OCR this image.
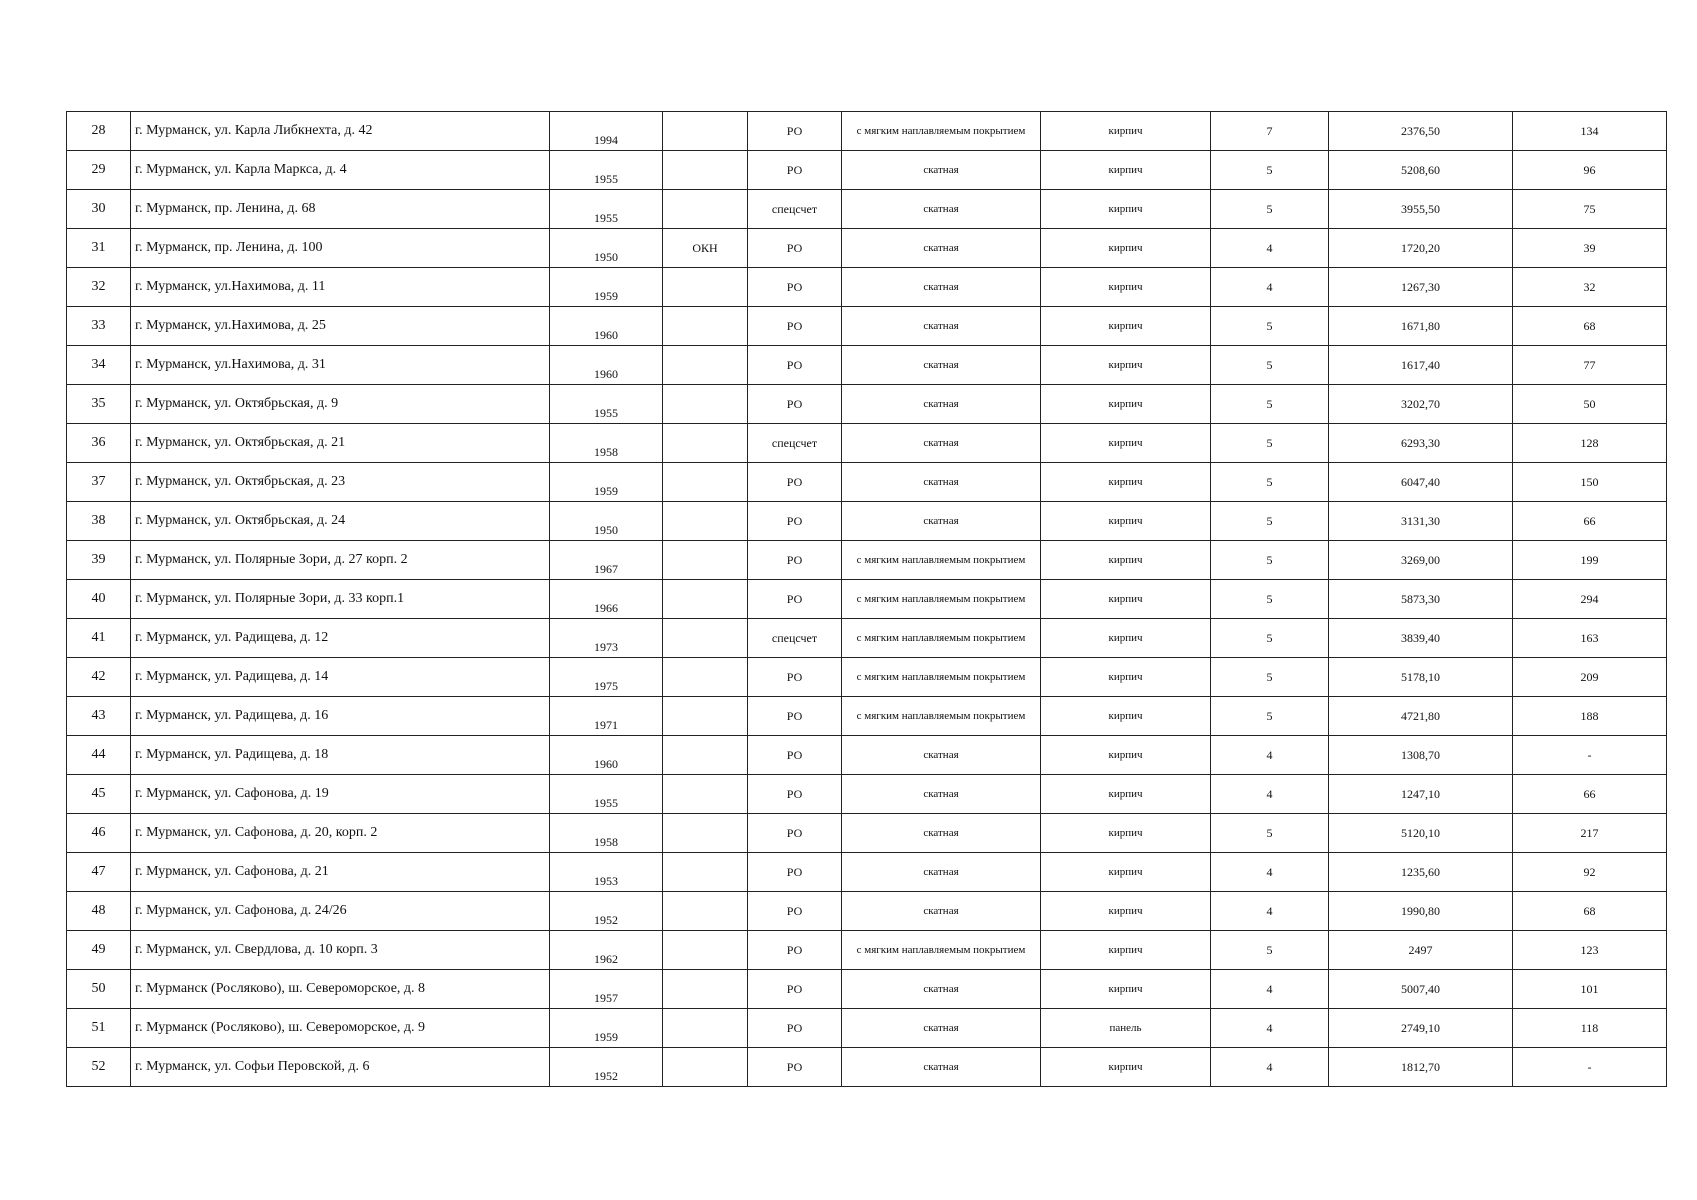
28	г. Мурманск, ул. Карла Либкнехта, д. 42	1994		РО	с мягким наплавляемым покрытием	кирпич	7	2376,50	134
29	г. Мурманск, ул. Карла Маркса, д. 4	1955		РО	скатная	кирпич	5	5208,60	96
30	г. Мурманск, пр. Ленина, д. 68	1955		спецсчет	скатная	кирпич	5	3955,50	75
31	г. Мурманск, пр. Ленина, д. 100	1950	ОКН	РО	скатная	кирпич	4	1720,20	39
32	г. Мурманск, ул.Нахимова, д. 11	1959		РО	скатная	кирпич	4	1267,30	32
33	г. Мурманск, ул.Нахимова, д. 25	1960		РО	скатная	кирпич	5	1671,80	68
34	г. Мурманск, ул.Нахимова, д. 31	1960		РО	скатная	кирпич	5	1617,40	77
35	г. Мурманск, ул. Октябрьская, д. 9	1955		РО	скатная	кирпич	5	3202,70	50
36	г. Мурманск, ул. Октябрьская, д. 21	1958		спецсчет	скатная	кирпич	5	6293,30	128
37	г. Мурманск, ул. Октябрьская, д. 23	1959		РО	скатная	кирпич	5	6047,40	150
38	г. Мурманск, ул. Октябрьская, д. 24	1950		РО	скатная	кирпич	5	3131,30	66
39	г. Мурманск, ул. Полярные Зори, д. 27 корп. 2	1967		РО	с мягким наплавляемым покрытием	кирпич	5	3269,00	199
40	г. Мурманск, ул. Полярные Зори, д. 33 корп.1	1966		РО	с мягким наплавляемым покрытием	кирпич	5	5873,30	294
41	г. Мурманск, ул. Радищева, д. 12	1973		спецсчет	с мягким наплавляемым покрытием	кирпич	5	3839,40	163
42	г. Мурманск, ул. Радищева, д. 14	1975		РО	с мягким наплавляемым покрытием	кирпич	5	5178,10	209
43	г. Мурманск, ул. Радищева, д. 16	1971		РО	с мягким наплавляемым покрытием	кирпич	5	4721,80	188
44	г. Мурманск, ул. Радищева, д. 18	1960		РО	скатная	кирпич	4	1308,70	-
45	г. Мурманск, ул. Сафонова, д. 19	1955		РО	скатная	кирпич	4	1247,10	66
46	г. Мурманск, ул. Сафонова, д. 20, корп. 2	1958		РО	скатная	кирпич	5	5120,10	217
47	г. Мурманск, ул. Сафонова, д. 21	1953		РО	скатная	кирпич	4	1235,60	92
48	г. Мурманск, ул. Сафонова, д. 24/26	1952		РО	скатная	кирпич	4	1990,80	68
49	г. Мурманск, ул. Свердлова, д. 10 корп. 3	1962		РО	с мягким наплавляемым покрытием	кирпич	5	2497	123
50	г. Мурманск (Росляково), ш. Североморское, д. 8	1957		РО	скатная	кирпич	4	5007,40	101
51	г. Мурманск (Росляково), ш. Североморское, д. 9	1959		РО	скатная	панель	4	2749,10	118
52	г. Мурманск, ул. Софьи Перовской, д. 6	1952		РО	скатная	кирпич	4	1812,70	-
